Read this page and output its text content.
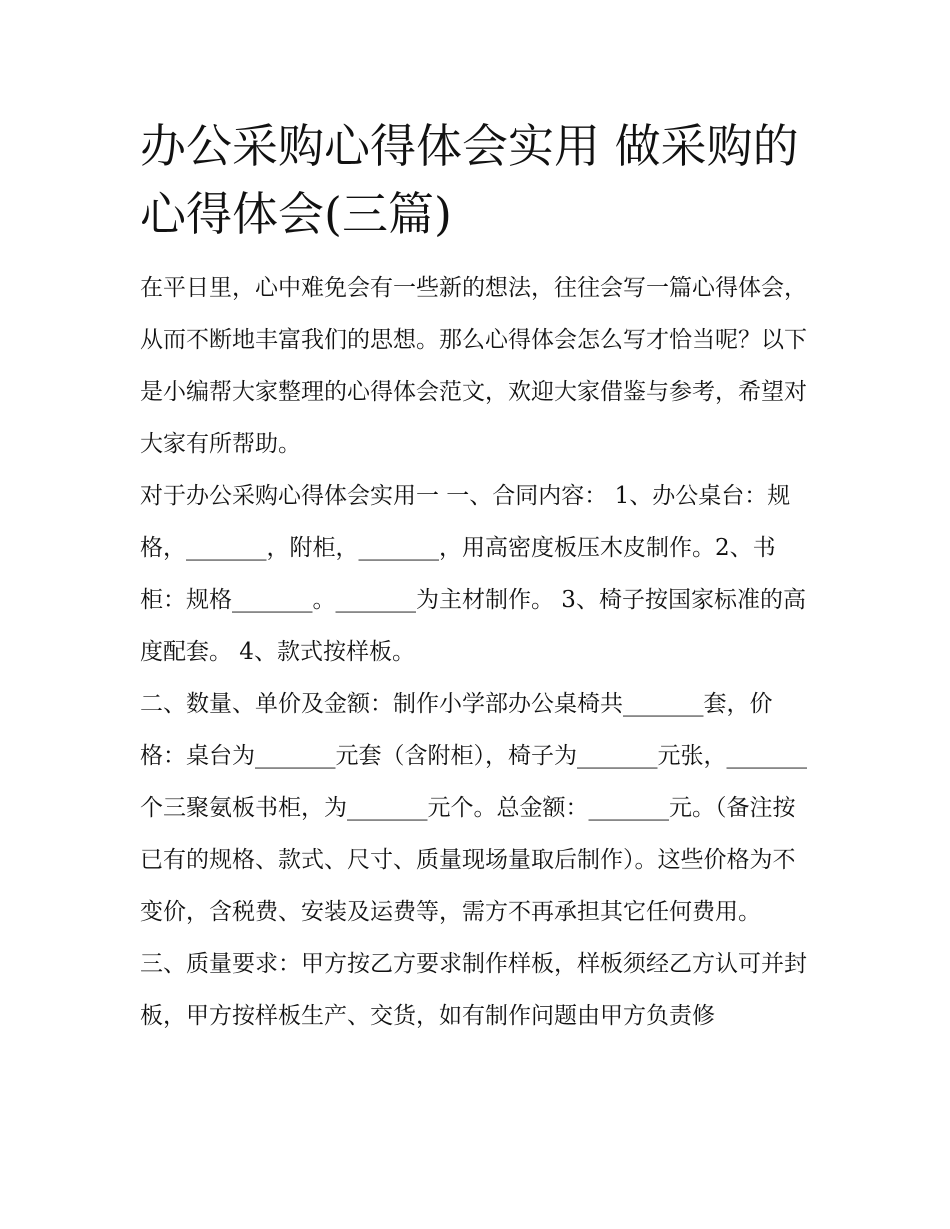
办公采购心得体会实用 做采购的心得体会(三篇)

在平日里，心中难免会有一些新的想法，往往会写一篇心得体会，从而不断地丰富我们的思想。那么心得体会怎么写才恰当呢？以下是小编帮大家整理的心得体会范文，欢迎大家借鉴与参考，希望对大家有所帮助。

对于办公采购心得体会实用一 一、合同内容： 1、办公桌台：规格，_______，附柜，_______，用高密度板压木皮制作。2、书柜：规格_______。_______为主材制作。 3、椅子按国家标准的高度配套。 4、款式按样板。

二、数量、单价及金额：制作小学部办公桌椅共_______套，价格：桌台为_______元套（含附柜），椅子为_______元张，_______个三聚氨板书柜，为_______元个。总金额：_______元。（备注按已有的规格、款式、尺寸、质量现场量取后制作）。这些价格为不变价，含税费、安装及运费等，需方不再承担其它任何费用。

三、质量要求：甲方按乙方要求制作样板，样板须经乙方认可并封板，甲方按样板生产、交货，如有制作问题由甲方负责修
